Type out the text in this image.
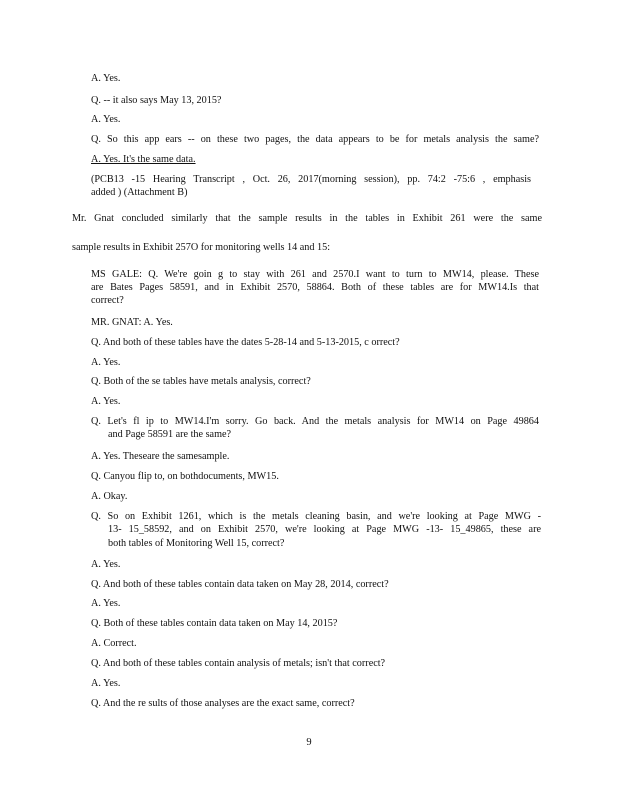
A. Yes.
Q. -- it also says May 13, 2015?
A. Yes.
Q. So this app ears -- on these two pages, the data appears to be for metals analysis the same?
A. Yes. It's the same data.
(PCB13 -15 Hearing Transcript , Oct. 26, 2017(morning session), pp. 74:2 -75:6 , emphasis
added ) (Attachment B)
Mr. Gnat concluded similarly that the sample results in the tables in Exhibit 261 were the same
sample results in Exhibit 257O for monitoring wells 14 and 15:
MS GALE: Q. We're goin g to stay with 261 and 2570.I want to turn to MW14, please. These
are Bates Pages 58591, and in Exhibit 2570, 58864. Both of these tables are for MW14.Is that
correct?
MR. GNAT: A. Yes.
Q. And both of these tables have the dates 5-28-14 and 5-13-2015, c orrect?
A. Yes.
Q. Both of the se tables have metals analysis, correct?
A. Yes.
Q. Let's fl ip to MW14.I'm sorry. Go back. And the metals analysis for MW14 on Page 49864
and Page 58591 are the same?
A. Yes. Theseare the samesample.
Q. Canyou flip to, on bothdocuments, MW15.
A. Okay.
Q. So on Exhibit 1261, which is the metals cleaning basin, and we're looking at Page MWG -
13- 15_58592, and on Exhibit 2570, we're looking at Page MWG -13- 15_49865, these are
both tables of Monitoring Well 15, correct?
A. Yes.
Q. And both of these tables contain data taken on May 28, 2014, correct?
A. Yes.
Q. Both of these tables contain data taken on May 14, 2015?
A. Correct.
Q. And both of these tables contain analysis of metals; isn't that correct?
A. Yes.
Q. And the re sults of those analyses are the exact same, correct?
9
